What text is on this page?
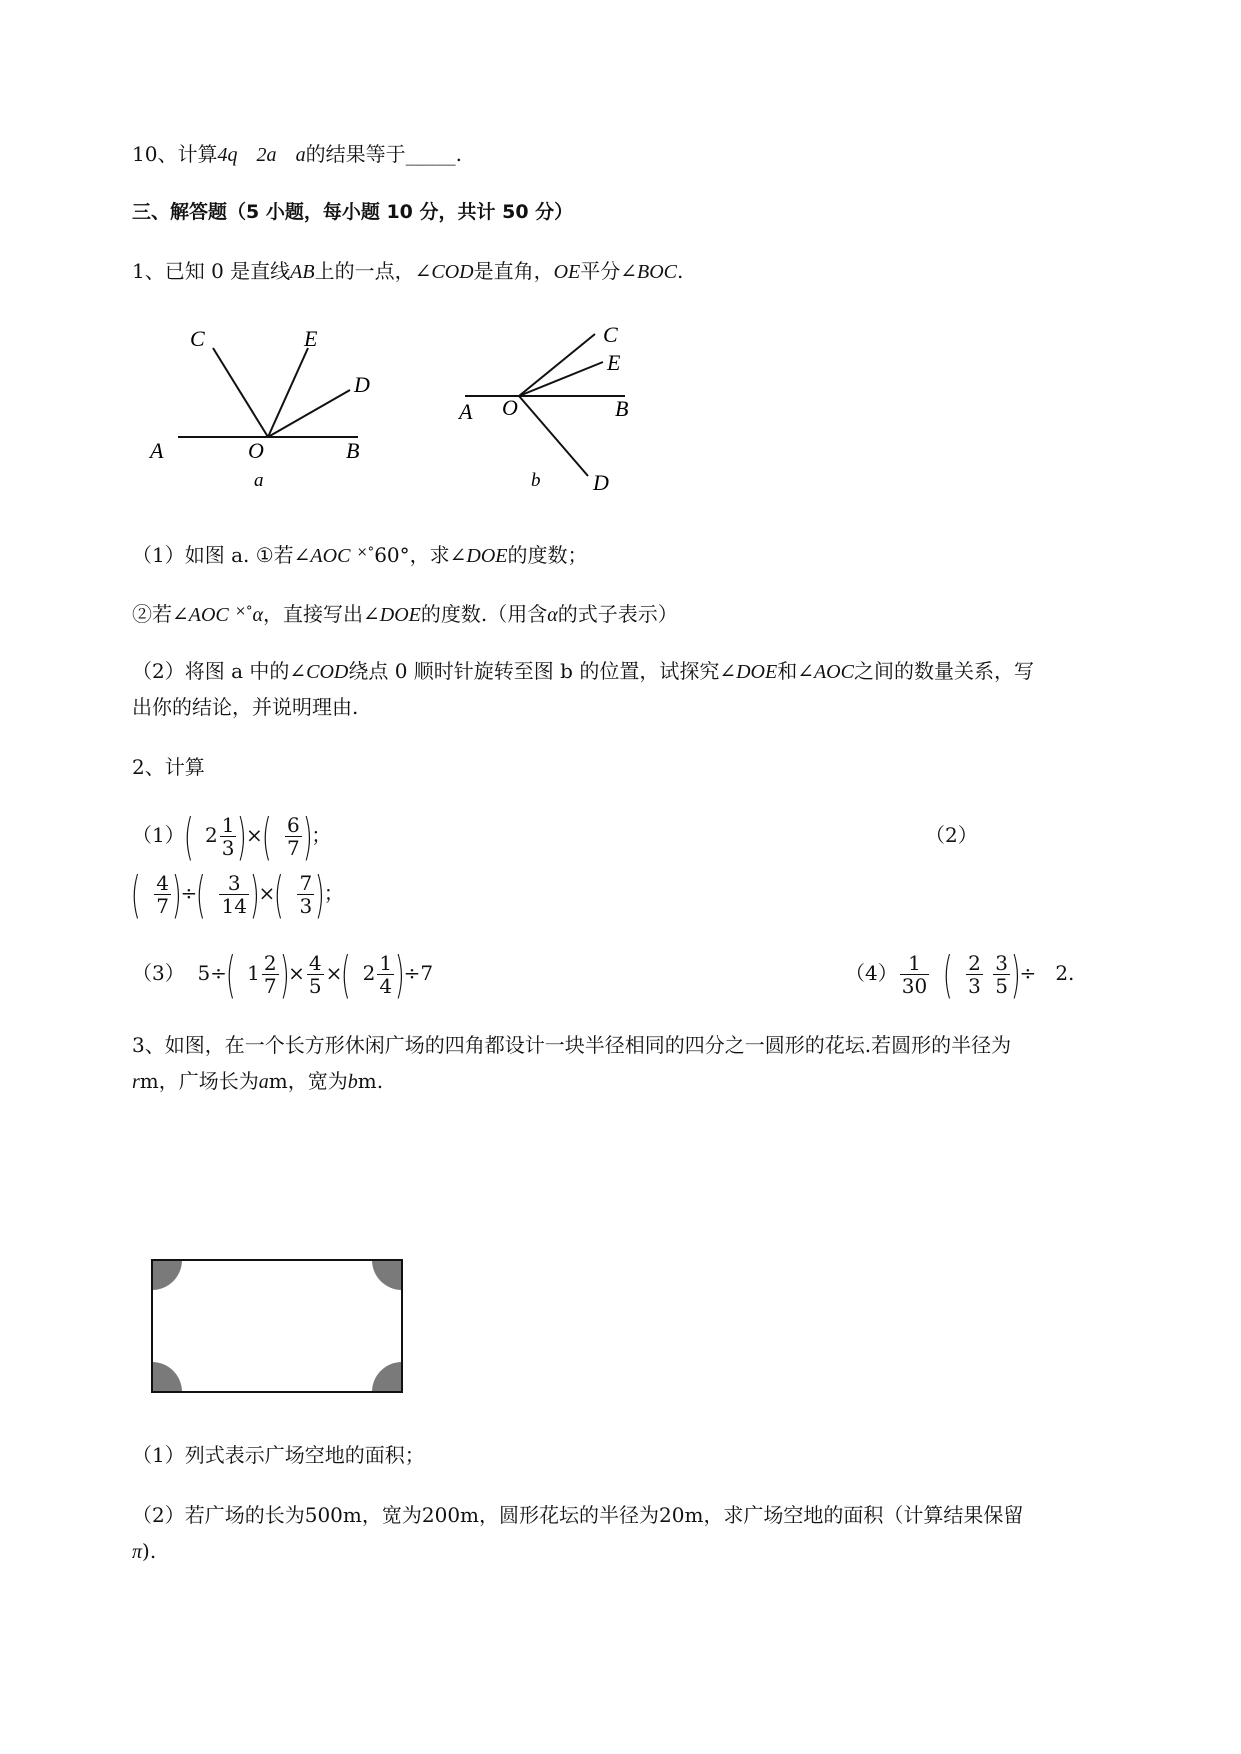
10、计算4q 2a a的结果等于_____.
三、解答题（5 小题，每小题 10 分，共计 50 分）
1、已知 0 是直线AB上的一点，∠COD是直角，OE平分∠BOC.
C	E
D
A	O	B
a
C
E
A O	B
b D
（1）如图 a. ①若∠AOC ×°60°，求∠DOE的度数；
②若∠AOC ×°α，直接写出∠DOE的度数.（用含α的式子表示）
（2）将图 a 中的∠COD绕点 0 顺时针旋转至图 b 的位置，试探究∠DOE和∠AOC之间的数量关系，写
出你的结论，并说明理由.
2、计算
（1）( $2 \frac{1}{3}$ )×( $\frac{6}{7}$ )；	（2）
( $\frac{4}{7}$ )÷( $\frac{3}{14}$ )×( $\frac{7}{3}$ )；
（3） 5÷( $1 \frac{2}{7}$ )× $\frac{4}{5}$ ×( $2 \frac{1}{4} )\div 7$	$(4) \frac{1}{30}$ ( $\frac{2}{3}$
$\frac{3}{5}$ )÷ 2.
3、如图，在一个长方形休闲广场的四角都设计一块半径相同的四分之一圆形的花坛.若圆形的半径为
rm，广场长为am，宽为bm.
（1）列式表示广场空地的面积；
（2）若广场的长为500m，宽为200m，圆形花坛的半径为20m，求广场空地的面积（计算结果保留
π).
